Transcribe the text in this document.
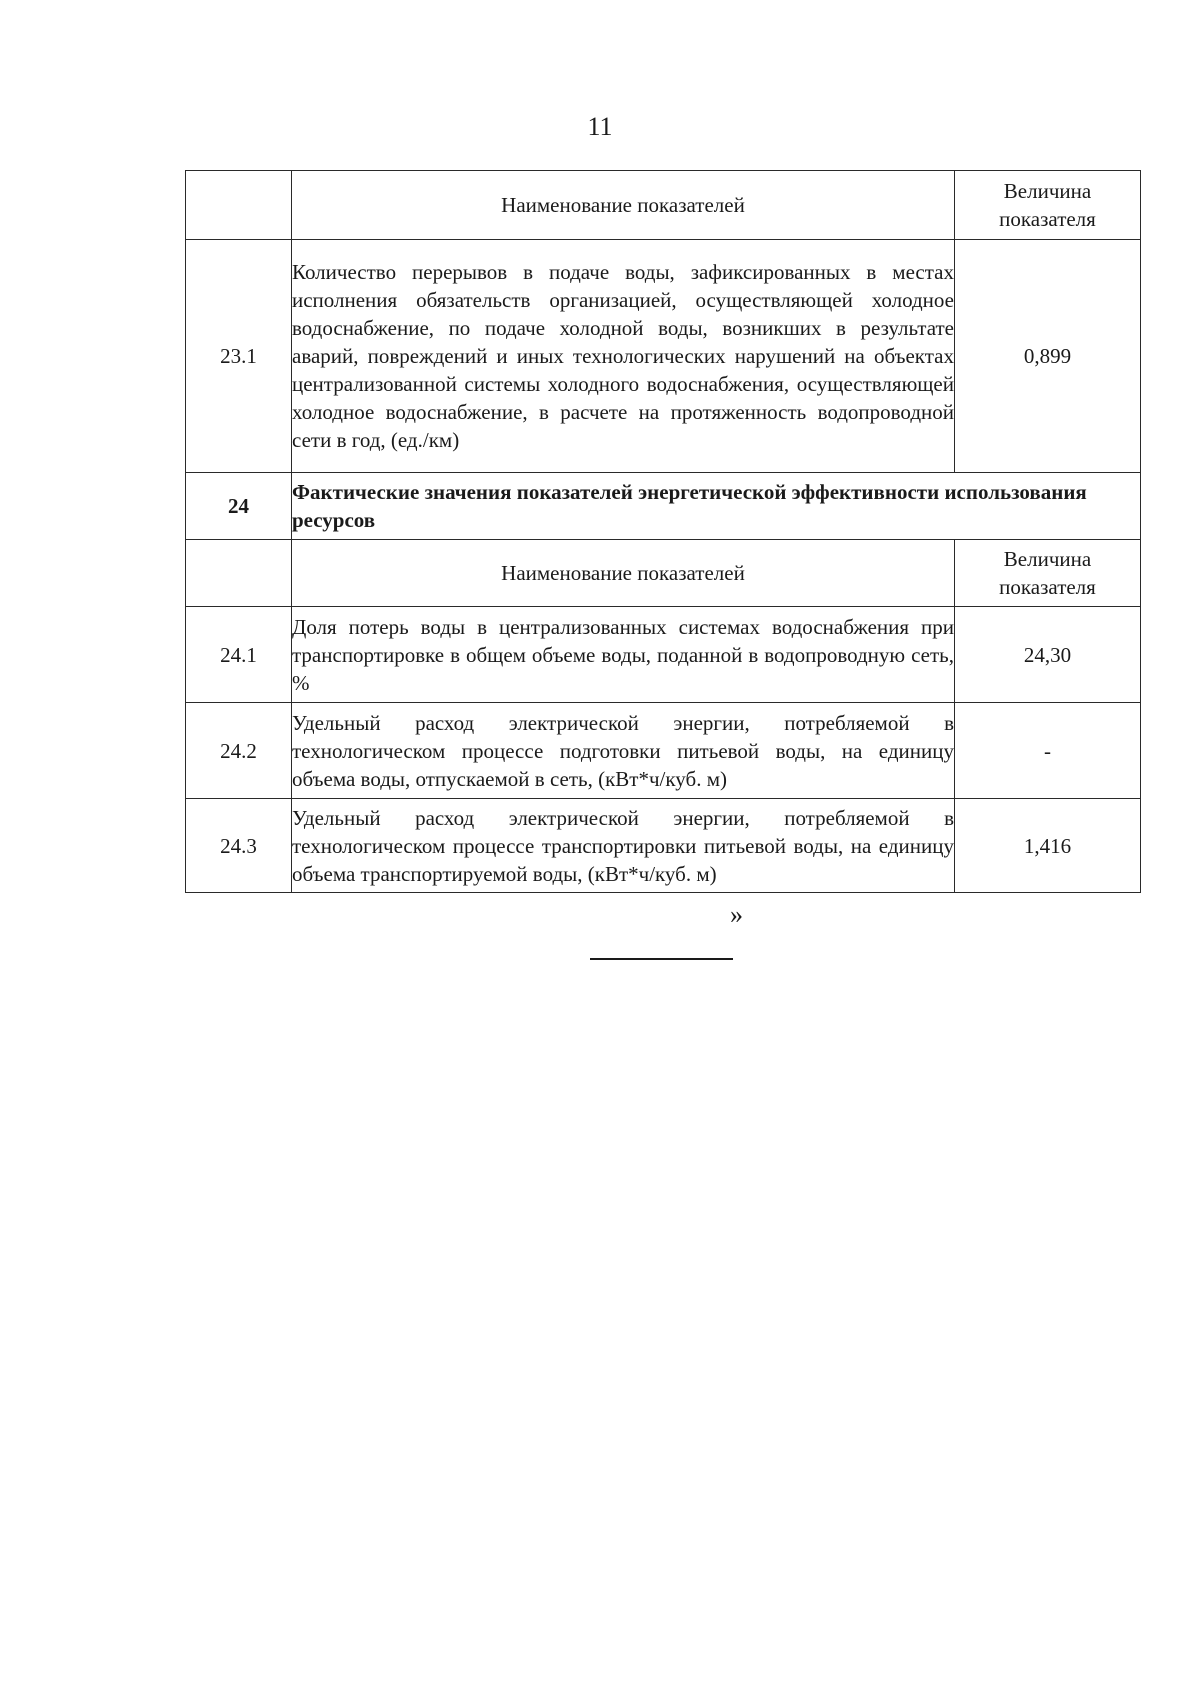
11
	Наименование показателей	Величина показателя
23.1	Количество перерывов в подаче воды, зафиксированных в местах исполнения обязательств организацией, осуществляющей холодное водоснабжение, по подаче холодной воды, возникших в результате аварий, повреждений и иных технологических нарушений на объектах централизованной системы холодного водоснабжения, осуществляющей холодное водоснабжение, в расчете на протяженность водопроводной сети в год, (ед./км)	0,899
24	Фактические значения показателей энергетической эффективности использования ресурсов	
	Наименование показателей	Величина показателя
24.1	Доля потерь воды в централизованных системах водоснабжения при транспортировке в общем объеме воды, поданной в водопроводную сеть, %	24,30
24.2	Удельный расход электрической энергии, потребляемой в технологическом процессе подготовки питьевой воды, на единицу объема воды, отпускаемой в сеть, (кВт*ч/куб. м)	-
24.3	Удельный расход электрической энергии, потребляемой в технологическом процессе транспортировки питьевой воды, на единицу объема транспортируемой воды, (кВт*ч/куб. м)	1,416
»
